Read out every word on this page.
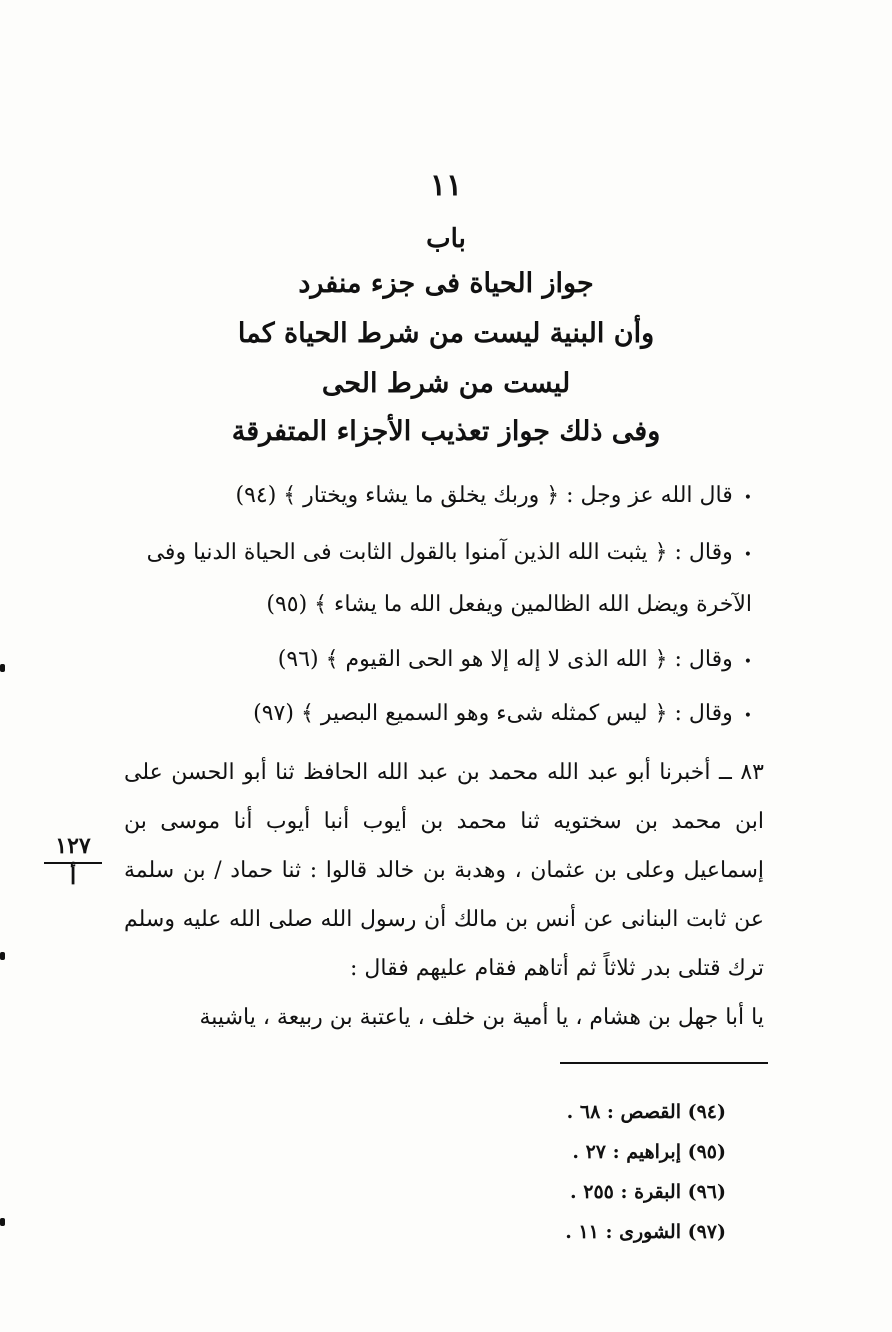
١١
باب
جواز الحياة فى جزء منفرد
وأن البنية ليست من شرط الحياة كما
ليست من شرط الحى
وفى ذلك جواز تعذيب الأجزاء المتفرقة
• قال الله عز وجل : ﴿ وربك يخلق ما يشاء ويختار ﴾ (٩٤)
• وقال : ﴿ يثبت الله الذين آمنوا بالقول الثابت فى الحياة الدنيا وفى الآخرة ويضل الله الظالمين ويفعل الله ما يشاء ﴾ (٩٥)
• وقال : ﴿ الله الذى لا إله إلا هو الحى القيوم ﴾ (٩٦)
• وقال : ﴿ ليس كمثله شىء وهو السميع البصير ﴾ (٩٧)
٨٣ ــ أخبرنا أبو عبد الله محمد بن عبد الله الحافظ ثنا أبو الحسن على ابن محمد بن سختويه ثنا محمد بن أيوب أنبا أيوب أنا موسى بن إسماعيل وعلى بن عثمان ، وهدبة بن خالد قالوا : ثنا حماد / بن سلمة عن ثابت البنانى عن أنس بن مالك أن رسول الله صلى الله عليه وسلم ترك قتلى بدر ثلاثاً ثم أتاهم فقام عليهم فقال :
١٢٧
أ
يا أبا جهل بن هشام ، يا أمية بن خلف ، ياعتبة بن ربيعة ، ياشيبة
(٩٤) القصص : ٦٨ .
(٩٥) إبراهيم : ٢٧ .
(٩٦) البقرة : ٢٥٥ .
(٩٧) الشورى : ١١ .
